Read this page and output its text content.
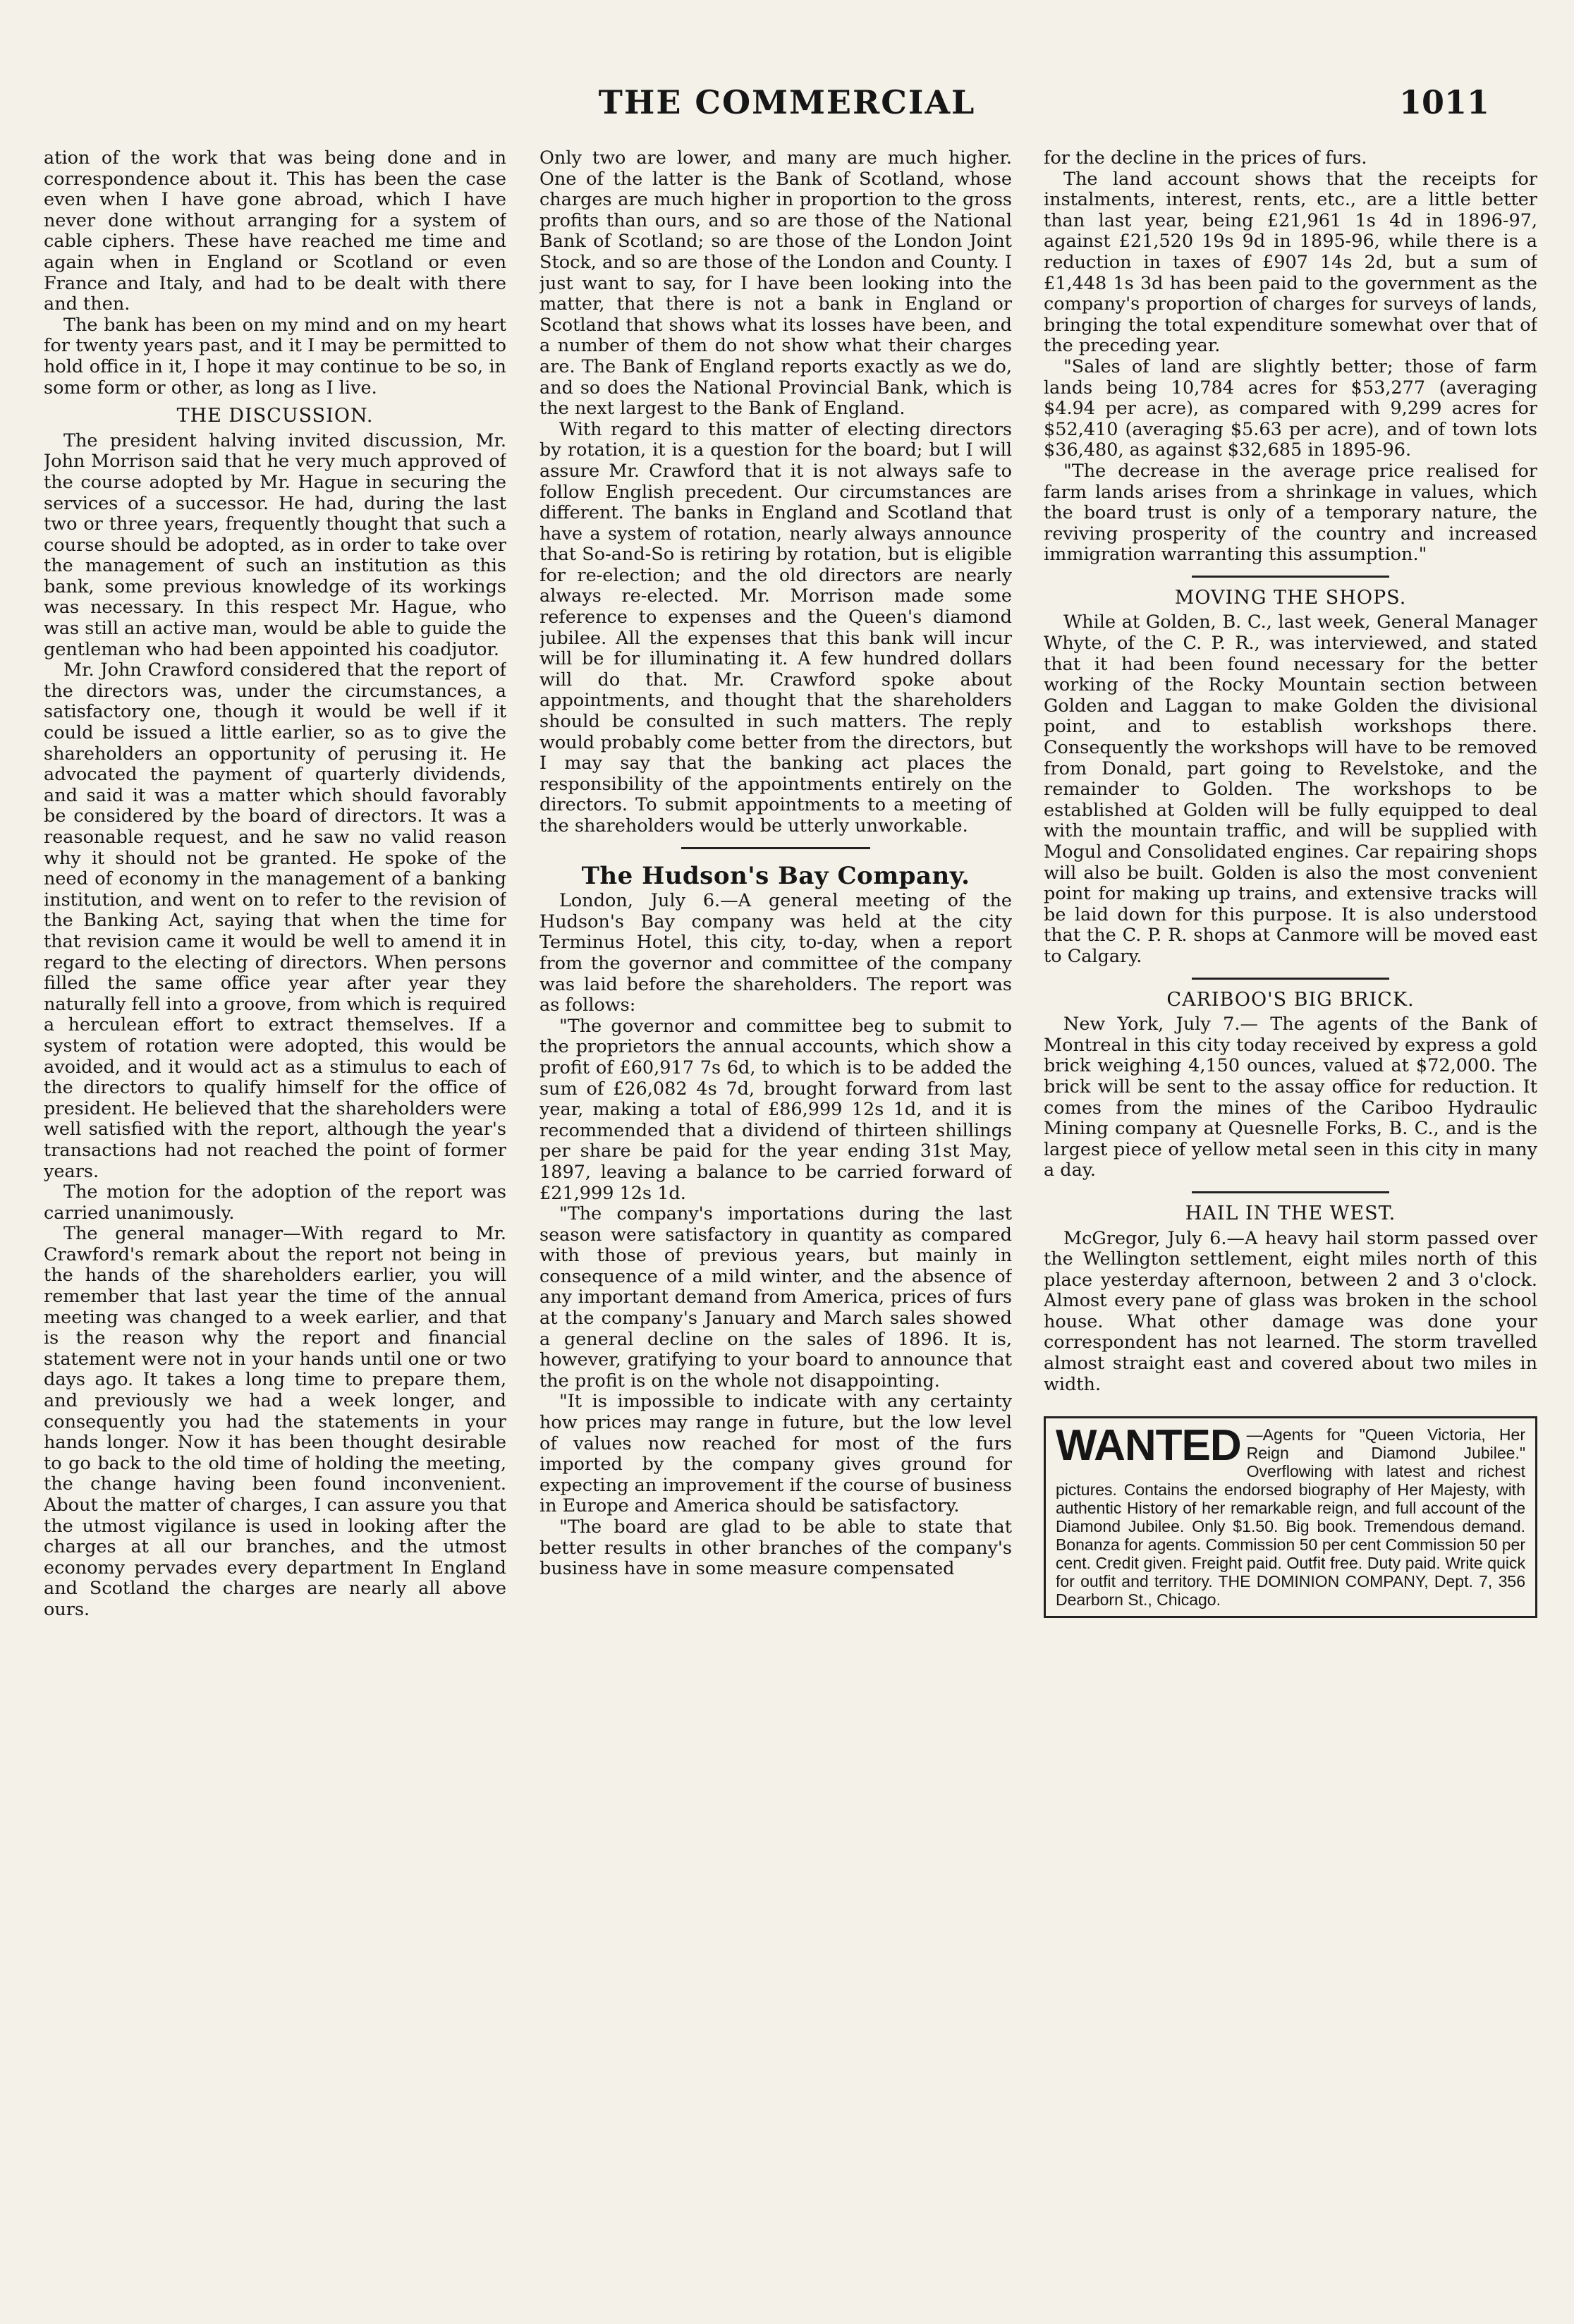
THE COMMERCIAL	1011

ation of the work that was being done and in correspondence about it. This has been the case even when I have gone abroad, which I have never done without arranging for a system of cable ciphers. These have reached me time and again when in England or Scotland or even France and Italy, and had to be dealt with there and then.

The bank has been on my mind and on my heart for twenty years past, and it I may be permitted to hold office in it, I hope it may continue to be so, in some form or other, as long as I live.

THE DISCUSSION.

The president halving invited discussion, Mr. John Morrison said that he very much approved of the course adopted by Mr. Hague in securing the services of a successor. He had, during the last two or three years, frequently thought that such a course should be adopted, as in order to take over the management of such an institution as this bank, some previous knowledge of its workings was necessary. In this respect Mr. Hague, who was still an active man, would be able to guide the gentleman who had been appointed his coadjutor.

Mr. John Crawford considered that the report of the directors was, under the circumstances, a satisfactory one, though it would be well if it could be issued a little earlier, so as to give the shareholders an opportunity of perusing it. He advocated the payment of quarterly dividends, and said it was a matter which should favorably be considered by the board of directors. It was a reasonable request, and he saw no valid reason why it should not be granted. He spoke of the need of economy in the management of a banking institution, and went on to refer to the revision of the Banking Act, saying that when the time for that revision came it would be well to amend it in regard to the electing of directors. When persons filled the same office year after year they naturally fell into a groove, from which is required a herculean effort to extract themselves. If a system of rotation were adopted, this would be avoided, and it would act as a stimulus to each of the directors to qualify himself for the office of president. He believed that the shareholders were well satisfied with the report, although the year's transactions had not reached the point of former years.

The motion for the adoption of the report was carried unanimously.

The general manager—With regard to Mr. Crawford's remark about the report not being in the hands of the shareholders earlier, you will remember that last year the time of the annual meeting was changed to a week earlier, and that is the reason why the report and financial statement were not in your hands until one or two days ago. It takes a long time to prepare them, and previously we had a week longer, and consequently you had the statements in your hands longer. Now it has been thought desirable to go back to the old time of holding the meeting, the change having been found inconvenient. About the matter of charges, I can assure you that the utmost vigilance is used in looking after the charges at all our branches, and the utmost economy pervades every department In England and Scotland the charges are nearly all above ours.

Only two are lower, and many are much higher. One of the latter is the Bank of Scotland, whose charges are much higher in proportion to the gross profits than ours, and so are those of the National Bank of Scotland; so are those of the London Joint Stock, and so are those of the London and County. I just want to say, for I have been looking into the matter, that there is not a bank in England or Scotland that shows what its losses have been, and a number of them do not show what their charges are. The Bank of England reports exactly as we do, and so does the National Provincial Bank, which is the next largest to the Bank of England.

With regard to this matter of electing directors by rotation, it is a question for the board; but I will assure Mr. Crawford that it is not always safe to follow English precedent. Our circumstances are different. The banks in England and Scotland that have a system of rotation, nearly always announce that So-and-So is retiring by rotation, but is eligible for re-election; and the old directors are nearly always re-elected. Mr. Morrison made some reference to expenses and the Queen's diamond jubilee. All the expenses that this bank will incur will be for illuminating it. A few hundred dollars will do that. Mr. Crawford spoke about appointments, and thought that the shareholders should be consulted in such matters. The reply would probably come better from the directors, but I may say that the banking act places the responsibility of the appointments entirely on the directors. To submit appointments to a meeting of the shareholders would be utterly unworkable.

The Hudson's Bay Company.

London, July 6.—A general meeting of the Hudson's Bay company was held at the city Terminus Hotel, this city, to-day, when a report from the governor and committee of the company was laid before the shareholders. The report was as follows:

"The governor and committee beg to submit to the proprietors the annual accounts, which show a profit of £60,917 7s 6d, to which is to be added the sum of £26,082 4s 7d, brought forward from last year, making a total of £86,999 12s 1d, and it is recommended that a dividend of thirteen shillings per share be paid for the year ending 31st May, 1897, leaving a balance to be carried forward of £21,999 12s 1d.

"The company's importations during the last season were satisfactory in quantity as compared with those of previous years, but mainly in consequence of a mild winter, and the absence of any important demand from America, prices of furs at the company's January and March sales showed a general decline on the sales of 1896. It is, however, gratifying to your board to announce that the profit is on the whole not disappointing.

"It is impossible to indicate with any certainty how prices may range in future, but the low level of values now reached for most of the furs imported by the company gives ground for expecting an improvement if the course of business in Europe and America should be satisfactory.

"The board are glad to be able to state that better results in other branches of the company's business have in some measure compensated

for the decline in the prices of furs.

The land account shows that the receipts for instalments, interest, rents, etc., are a little better than last year, being £21,961 1s 4d in 1896-97, against £21,520 19s 9d in 1895-96, while there is a reduction in taxes of £907 14s 2d, but a sum of £1,448 1s 3d has been paid to the government as the company's proportion of charges for surveys of lands, bringing the total expenditure somewhat over that of the preceding year.

"Sales of land are slightly better; those of farm lands being 10,784 acres for $53,277 (averaging $4.94 per acre), as compared with 9,299 acres for $52,410 (averaging $5.63 per acre), and of town lots $36,480, as against $32,685 in 1895-96.

"The decrease in the average price realised for farm lands arises from a shrinkage in values, which the board trust is only of a temporary nature, the reviving prosperity of the country and increased immigration warranting this assumption."

MOVING THE SHOPS.

While at Golden, B. C., last week, General Manager Whyte, of the C. P. R., was interviewed, and stated that it had been found necessary for the better working of the Rocky Mountain section between Golden and Laggan to make Golden the divisional point, and to establish workshops there. Consequently the workshops will have to be removed from Donald, part going to Revelstoke, and the remainder to Golden. The workshops to be established at Golden will be fully equipped to deal with the mountain traffic, and will be supplied with Mogul and Consolidated engines. Car repairing shops will also be built. Golden is also the most convenient point for making up trains, and extensive tracks will be laid down for this purpose. It is also understood that the C. P. R. shops at Canmore will be moved east to Calgary.

CARIBOO'S BIG BRICK.

New York, July 7.— The agents of the Bank of Montreal in this city today received by express a gold brick weighing 4,150 ounces, valued at $72,000. The brick will be sent to the assay office for reduction. It comes from the mines of the Cariboo Hydraulic Mining company at Quesnelle Forks, B. C., and is the largest piece of yellow metal seen in this city in many a day.

HAIL IN THE WEST.

McGregor, July 6.—A heavy hail storm passed over the Wellington settlement, eight miles north of this place yesterday afternoon, between 2 and 3 o'clock. Almost every pane of glass was broken in the school house. What other damage was done your correspondent has not learned. The storm travelled almost straight east and covered about two miles in width.

WANTED —Agents for "Queen Victoria, Her Reign and Diamond Jubilee." Overflowing with latest and richest pictures. Contains the endorsed biography of Her Majesty, with authentic History of her remarkable reign, and full account of the Diamond Jubilee. Only $1.50. Big book. Tremendous demand. Bonanza for agents. Commission 50 per cent Commission 50 per cent. Credit given. Freight paid. Outfit free. Duty paid. Write quick for outfit and territory. THE DOMINION COMPANY, Dept. 7, 356 Dearborn St., Chicago.
